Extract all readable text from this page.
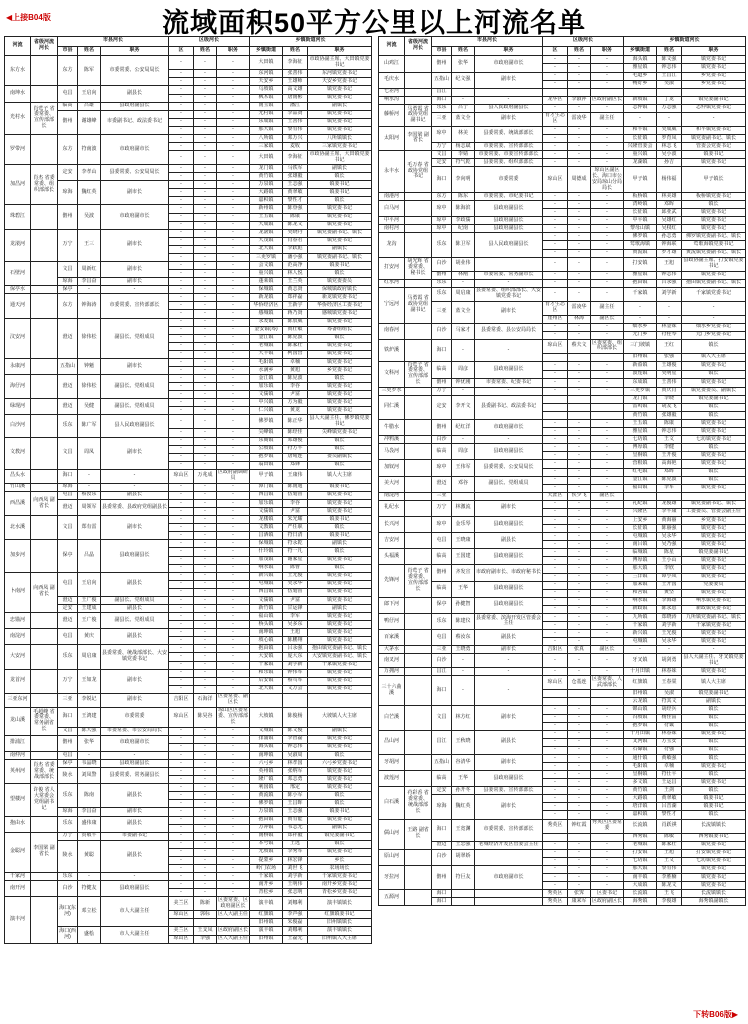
◀上接B04版	流域面积50平方公里以上河流名单
河流	省级河流河长	市县河长			区级河长			乡镇街道河长		
		市县	姓名	职务	区	姓名	职务	乡镇街道	姓名	职务
东方水		东方	陈军	市委常委、公安局局长	-	-	-	大田镇	李海征	市政协副主席、大田镇党委书记
					-	-	-	东河镇	张善伟	东河镇党委书记
					-	-	-	天安乡	王雄师	天安乡党委书记
南坤水		屯昌	王启向	副县长	-	-	-	乌坡镇	高文雄	镇党委书记
					-	-	-	枫木镇	唐南彬	镇党委书记
光村水	肖莺子 省委常委、宣传部部长	临高	吕雄	县政府副县长	-	-	-	南宝镇	潘江	副镇长
		儋州	谢雄峰	市委副书记、政法委书记	-	-	-	光村镇	李品贤	镇党委书记
					-	-	-	东成镇	王善伟	镇党委书记
					-	-	-	那大镇	黎有伟	镇党委书记
罗带河		东方	符南波	市政府副市长	-	-	-	八所镇	邓万兴	八所镇镇长
					-	-	-	三家镇	麦收	三家镇党委书记
					-	-	-	大田镇	李海征	市政协副主席、大田镇党委书记
加昌河	肖杰 省委常委、组织部部长	定安	李孝山	县委常委、公安局局长	-	-	-	龙门镇	马铁军	副镇长
					-	-	-	黄竹镇	张雄毅	镇长
		琼海	魏红英	副市长	-	-	-	万泉镇	王志强	镇委书记
					-	-	-	大路镇	黄翠敏	镇委书记
					-	-	-	嘉积镇	黎性才	镇长
珠碧江		儋州	吴波	市政府副市长	-	-	-	新州镇	陈垂强	镇党委书记
					-	-	-	王五镇	陈康	镇党委书记
					-	-	-	大成镇	陈龙文	镇党委书记
龙滚河		万宁	王三	副市长	-	-	-	龙滚镇	吴晓丹	镇党委副书记、镇长
					-	-	-	大茂镇	肖春君	镇党委书记
					-	-	-	北大镇	李跃彪	副镇长
					-	-	-	三更罗镇	潘小强	镇党委副书记、镇长
石壁河		文昌	周新红	副市长	-	-	-	会文镇	范高净	镇委书记
					-	-	-	重兴镇	林人悦	镇长
		琼海	李昌奋	副市长	-	-	-	蓬莱镇	王兰英	镇党委委员
保亭水		保亭	-	-	-	-	-	保城镇	黄志贤	保城镇政府镇长
通天河		东方	钟海涛	市委常委、宣传部部长	-	-	-	新龙镇	郑祥磊	新龙镇党委书记
					-	-	-	华侨经济区	王新宇	华侨经济区工委书记
					-	-	-	感城镇	蒋乃贤	感城镇党委书记
汶安河		澄迈	徐伟松	副县长、党组成员	-	-	-	永发镇	陈放威	镇党委书记
					-	-	-	金安镇(筹)	黄壮敏	筹备组组长
					-	-	-	金江镇	陈见波	镇长
					-	-	-	老城镇	陈家壮	镇党委书记
					-	-	-	大丰镇	柯国营	镇党委书记
永康河		五指山	钟魁	副市长	-	-	-	毛阳镇	卓楠	镇党委书记
					-	-	-	水满乡	黄旭	乡党委书记
海仔河		澄迈	徐伟松	副县长、党组成员	-	-	-	金江镇	陈见波	镇长
					-	-	-	加乐镇	李谷	镇党委书记
					-	-	-	文儒镇	尹富	镇党委书记
绿现河		澄迈	吴健	副县长、党组成员	-	-	-	中兴镇	方为毅	镇党委书记
					-	-	-	仁兴镇	黄龙	镇党委书记
白沙河		乐东	陈广军	县人民政府副县长	-	-	-	佛罗镇	陈正华	县人大副主任、佛罗镇党委书记
					-	-	-	尖峰镇	陈经佳	尖峰镇党委书记
文教河		文昌	周凤	副市长	-	-	-	东阁镇	邓雄俊	镇长
					-	-	-	公坡镇	符方平	镇长
					-	-	-	抱罗镇	唐甸连	委员副镇长
					-	-	-	翁田镇	郑锋	镇长
昌头水		海口	-	-	琼山区	万兆成	区政府副调研员	甲子镇	王康伟	镇人大主席
竹山溪		琼海	-	-	-	-	-	潭门镇	陈南通	镇委书记
西昌溪	向西凤 副省长	屯昌	蔡汝东	副县长	-	-	-	西昌镇	伍划宙	镇党委书记
		澄迈	周领军	县委常委、县政府党组副县长	-	-	-	加乐镇	李谷	镇党委书记
					-	-	-	文儒镇	尹富	镇党委书记
北水溪		文昌	郑有雷	副市长	-	-	-	龙楼镇	朱光耀	镇委书记
					-	-	-	文教镇	严任职	镇长
					-	-	-	昌洒镇	符日清	镇委书记
加步河		保亭	吕晶	县政府副县长	-	-	-	保城镇	符永乾	副镇长
					-	-	-	什玲镇	符一凡	镇长
					-	-	-	加茂镇	谢家星	镇党委书记
					-	-	-	响水镇	陈曹	镇长
卜南河	向西凤 副省长	屯昌	王启向	副县长	-	-	-	新兴镇	王光俊	镇党委书记
					-	-	-	屯城镇	吴永华	镇党委书记
					-	-	-	西昌镇	伍划宙	镇党委书记
		澄迈	王广俊	副县长、党组成员	-	-	-	文儒镇	尹富	镇党委书记
		定安	王建成	副县长	-	-	-	新竹镇	甘运锋	副镇长
忠锚河		澄迈	王广俊	副县长、党组成员	-	-	-	福山镇	李军	镇党委书记
					-	-	-	桥头镇	吴多东	镇党委书记
南淀河		屯昌	黄庆	副县长	-	-	-	南坤镇	王旭	镇党委书记
					-	-	-	坡心镇	陈鹏翔	镇党委书记
大安河		乐东	周启康	县委常委、统战部部长、大安镇党委书记	-	-	-	抱由镇	吕永强	抱由镇党委副书记、镇长
					-	-	-	大安镇	庞大东	大安镇党委副书记、镇长
					-	-	-	千家镇	刘学新	千家镇党委书记
龙首河		万宁	王如龙	副市长	-	-	-	和乐镇	钟伟军	镇党委书记
					-	-	-	后安镇	蔡笃军	镇党委书记
					-	-	-	北大镇	文万会	镇党委书记
三亚东河		三亚	李锐记	副市长	吉阳区	石海洋	区委常委、副区长			
龙山溪	毛超峰 省委常委、常务副省长	海口	王鸿建	市委常委	琼山区	陈昊谷	琼山区区委常委、宣传部部长	大坡镇	陈俊杨	大坡镇人大主席
		文昌	陈大强	市委常委、市公安局局长	-	-	-	文城镇	陈文俊	副镇长
排浦江		儋州	张华	市政府副市长	-	-	-	排浦镇	李智磊	镇党委书记
					-	-	-	海头镇	钟志伟	镇党委书记
南仲河		屯昌	-	-	-	-	-	南坤镇	吴淑周	镇长
英州河	肖杰 省委常委、统战部部长	保亭	韦晶晓	县政府副县长	-	-	-	六弓乡	林孝国	六弓乡党委书记
		陵水	刘凤警	县委常委、常务副县长	-	-	-	英州镇	张纳军	镇党委书记
					-	-	-	隆广镇	邓志勇	镇党委书记
望楼河	许俊 省人大常委会党组副书记	乐东	陈南	副县长	-	-	-	利国镇	邢定	镇党委书记
					-	-	-	黄流镇	陈小军	镇长
					-	-	-	佛罗镇	王昌晖	镇长
		琼海	李昌奋	副市长	-	-	-	万泉镇	王志强	镇委书记
抱由水		乐东	盛伟康	副县长	-	-	-	抱由镇	黄有能	镇党委书记
					-	-	-	万冲镇	韦志光	副镇长
金聪河	李国梁 副省长	万宁	贺敬平	市委副书记	-	-	-	南桥镇	郑祥毅	镇党委副书记
		陵水	黄聪	副县长	-	-	-	本号镇	王远	镇长
					-	-	-	光坡镇	李秀军	镇党委书记
					-	-	-	提蒙乡	林宏锋	乡长
					-	-	-	岭门农场	刘世飞	农场场长
千家河		乐东	-	-	-	-	-	千家镇	刘学新	千家镇党委书记
南开河		白沙	符健友	县政府副县长	-	-	-	南开乡	王明伟	南开乡党委书记
					-	-	-	青松乡	张志明	青松乡党委书记
演丰河		海口(东河)	邓立松	市人大副主任	美兰区	陈新	区委常委、区政府副区长	演丰镇	刘娜利	演丰镇镇长
					琼山区	郭标	区人大副主任	红旗镇	李声强	红旗镇委书记
								旧州镇	朱俊磊	旧州镇镇长
		海口(西河)	盛桧	市人大副主任	美兰区	王支凤	区政府副区长	演丰镇	刘娜利	演丰镇镇长
					琼山区	李强	区人大副主任	旧州镇	王磊先	旧州镇人大主席
河流	省级河流河长	市县河长			区级河长			乡镇街道河长		
		市县	姓名	职务	区	姓名	职务	乡镇街道	姓名	职务
山鸡江		儋州	张华	市政府副市长	-	-	-	海头镇	陈文强	镇党委书记
					-	-	-	雅星镇	钟志伟	镇党委书记
毛庆水		五指山	纪文强	副市长	-	-	-	毛道乡	王昌江	乡党委书记
					-	-	-	畅好乡	吴淑	乡党委书记
七差河		昌江								
响水沟		海口	-	-	龙华区	李淑萍	区政府副区长	新坡镇	丁龙	镇党委副书记
藤桥河	马勇霞 省政协党组副书记	乐东	吕宁	县人民政府副县长	-	-	-	志仲镇	方志强	志仲镇党委书记
		三亚	蓝文全	副市长	育才生态区	雷凌华	副主任	-	-	-
太阳河	李国梁 副省长	琼中	林美	县委常委、统战部部长	-	-	-	和平镇	吴成威	和平镇党委书记
					-	-	-	长征镇	罗育凤	镇党委副书记、镇长
		万宁	杨志斌	市委常委、宣传部部长	-	-	-	兴隆管委会	林志飞	管委会党委书记
永丰水	毛万春 省政协党组书记	文昌	李婧	市委常委、市委宣传部部长	-	-	-	重兴镇	吴小波	镇委书记
		定安	符气乾	县委常委、组织部部长	-	-	-	龙湖镇	孙吉	镇党委书记
		海口	李向明	市委常委	琼山区	周德成	琼山区副区长、海口市公安局琼山分局局长	甲子镇	杨伟福	甲子镇长
南港河		东方	陈东	市委常委、市纪委书记	-	-	-	板桥镇	林美雄	板桥镇党委书记
白马河		琼中	陈海滨	县政府副县长	-	-	-	湾岭镇	邓晖	镇长
					-	-	-	长征镇	邱亚武	镇党委书记
中平河		琼中	李政儒	县政府副县长	-	-	-	中平镇	吴雄红	镇党委书记
南村河		琼中	纪南	县政府副县长	-	-	-	黎母山镇	吴权红	镇党委书记
龙沟		乐东	陈卫军	县人民政府副县长	-	-	-	佛罗镇	孙志勇	佛罗镇党委副书记、镇长
					-	-	-	莺歌海镇	钟海联	莺歌海镇党委书记
					-	-	-	黄流镇	罗才雄	黄流镇党委副书记、镇长
打安河	胡光辉 省委常委、秘书长	白沙	胡业伟		-	-	-	打安镇	王旭	县政协副主席、打安镇党委书记
		儋州	林刚	市委常委、常务副市长	-	-	-	雅星镇	钟志伟	镇党委书记
红水河		乐东	-	-	-	-	-	抱由镇	吕永强	抱由镇党委副书记、镇长
宁远河	马勇霞 省政协党组副书记	乐东	周启康	县委常委、组织部部长、大安镇党委书记	-	-	-	千家镇	刘学新	千家镇党委书记
		三亚	蓝文全	副市长	育才生态区	雷凌华	副主任	-	-	-
					崖州区	林海	副区长	-	-	-
南春河		白沙	马家才	县委常委、县公安局局长	-	-	-	细水乡	林金妹	细水乡党委书记
					-	-	-	元门乡	符桂琴	元门乡党委书记
铁炉溪		海口	-	-	琼山区	蔡夫文	区委常委、组织部部长	三门坡镇	王红	镇长
								旧州镇	张强	镇人大主席
文科河	肖莺子 省委常委、宣传部部长	临高	周彦	县政府副县长	-	-	-	新盈镇	王雄俊	镇党委书记
					-	-	-	波莲镇	吴明星	镇长
		儋州	钟优刚	市委常委、纪委书记	-	-	-	东成镇	王善伟	镇党委书记
三更罗水		万宁	-	-	-	-	-	三更罗镇	黄庆肖	镇党委委员、副镇长
同仁溪		定安	李开文	县委副书记、政法委书记				龙门镇	李晓	镇党委副书记
								雷鸣镇	胡友飞	镇长
								黄竹镇	张雄毅	镇长
牛腊水		儋州	纪红洋	市政府副市长	-	-	-	王五镇	陈康	镇党委书记
					-	-	-	雅星镇	钟志伟	镇党委书记
冲鸦溪		白沙	-	-	-	-	-	七坊镇	王文	七坊镇党委书记
马袅河		临高	周彦	县政府副县长	-	-	-	博厚镇	李健	镇长
					-	-	-	皇桐镇	王开俊	镇党委书记
加钗河		琼中	王伟军	县委常委、公安局局长	-	-	-	营根镇	高海艳	镇党委书记
					-	-	-	红毛镇	邓晖	镇长
美大河		澄迈	邓谷	副县长、党组成员	-	-	-	金江镇	陈见波	镇长
					-	-	-	福山镇	李军	镇党委书记
南淀河		三亚			天涯区	侯少飞	副区长			
礼纪水		万宁	林激流	副市长	-	-	-	礼纪镇	龙俊雄	镇党委副书记、镇长
					-	-	-	兴隆区	李平康	工委委员、管委会副主任
长兴河		琼中	金乐琴	县政府副县长	-	-	-	上安乡	黄海丽	乡党委书记
					-	-	-	长征镇	陈丽强	镇党委书记
吉安河		屯昌	王晓康	副县长	-	-	-	屯城镇	吴永华	镇党委书记
					-	-	-	南吕镇	吴乃强	镇党委书记
头福溪		临高	王国建	县政府副县长	-	-	-	临城镇	陈星	镇党委副书记
					-	-	-	博厚镇	王小山	镇党委书记
先锋河	肖莺子 省委常委、宣传部部长	儋州	齐发宣	市政府副市长、市政府秘书长	-	-	-	那大镇	李欣	镇党委书记
					-	-	-	兰洋镇	谭小凤	镇党委书记
		临高	王华	县政府副县长	-	-	-	加来镇	王开国	党委委员
					-	-	-	和舍镇	黄坚	镇党委书记
郎下河		保亭	孙健智	县政府副县长	-	-	-	响水镇	李海雄	响水镇党委书记
					-	-	-	新政镇	陈永恩	新政镇党委书记
鸭仔河		乐东	陈建仪	县委常委、滨海开发区管委会主任	-	-	-	九所镇	郑晓涛	九所镇党委副书记、镇长
					-	-	-	千家镇	刘学新	千家镇党委书记
百家溪		屯昌	蔡汝东	副县长	-	-	-	新兴镇	王光俊	镇党委书记
					-	-	-	屯城镇	吴永华	镇党委书记
大茅水		三亚	王晓勇	副市长	吉阳区	张真	副区长	-	-	-
南叉河		白沙	-	-	-	-	-	牙叉镇	胡剑勇	县人大副主任、牙叉镇党委书记
万拥河		昌江	-	-	-	-	-	十月田镇	林春妹	镇党委书记
三十六曲溪		海口	-	-	琼山区	仓基连	区委常委、人武部部长	红旗镇	王春棠	镇人大主席
								旧州镇	吴淑	镇党委副书记
								云龙镇	符其文	副镇长
白芒溪		文昌	林方红	副市长	-	-	-	锦山镇	胡经兵	镇长
					-	-	-	冯坡镇	杨佳富	镇长
					-	-	-	抱罗镇	符诚	镇长
昌山河		昌江	王秋晓	副县长	-	-	-	十月田镇	林春妹	镇党委书记
					-	-	-	叉河镇	方宝女	镇长
					-	-	-	石碌镇	符强	镇长
牙胡河		五指山	谷清华	副市长	-	-	-	通什镇	黄敏强	镇长
					-	-	-	毛阳镇	卓楠	镇党委书记
波莲河		临高	王华	县政府副县长	-	-	-	皇桐镇	符仕平	镇长
					-	-	-	多文镇	王运昌	镇党委书记
白石溪	苻彩香 省委常委、统战部部长	定安	孙开冬	县委常委、宣传部部长	-	-	-	黄竹镇	王剑	镇长
		琼海	魏红英	副市长	-	-	-	大路镇	黄翠敏	镇委书记
					-	-	-	塔洋镇	吕晋湖	镇委书记
					-	-	-	嘉积镇	黎性才	镇长
儒山河	王路 副省长	海口	王宽渊	市委常委、宣传部部长	秀英区	钟红霞	秀英区区委常委	长流镇	肖跃祺	长流镇镇长
								西秀镇	陈敏	西秀镇委书记
		澄迈	王忠强	老城经济开发区管委会主任	-	-	-	老城镇	陈家壮	镇党委书记
原山河		白沙	胡翠娇		-	-	-	打安镇	王旭	打安镇党委书记
					-	-	-	七坊镇	王文	七坊镇党委书记
牙拉河		儋州	符巨友	市政府副市长	-	-	-	那大镇	黎有伟	镇党委书记
					-	-	-	南丰镇	李胜楠	镇党委书记
					-	-	-	大成镇	陈龙文	镇党委书记
五源河		海口			秀英区	张霁	区委书记	长流镇	王飞	长流镇镇长
		海口			秀英区	康来军	区政府副区长	海秀镇	李俊雄	海秀镇副镇长
下转B06版▶
